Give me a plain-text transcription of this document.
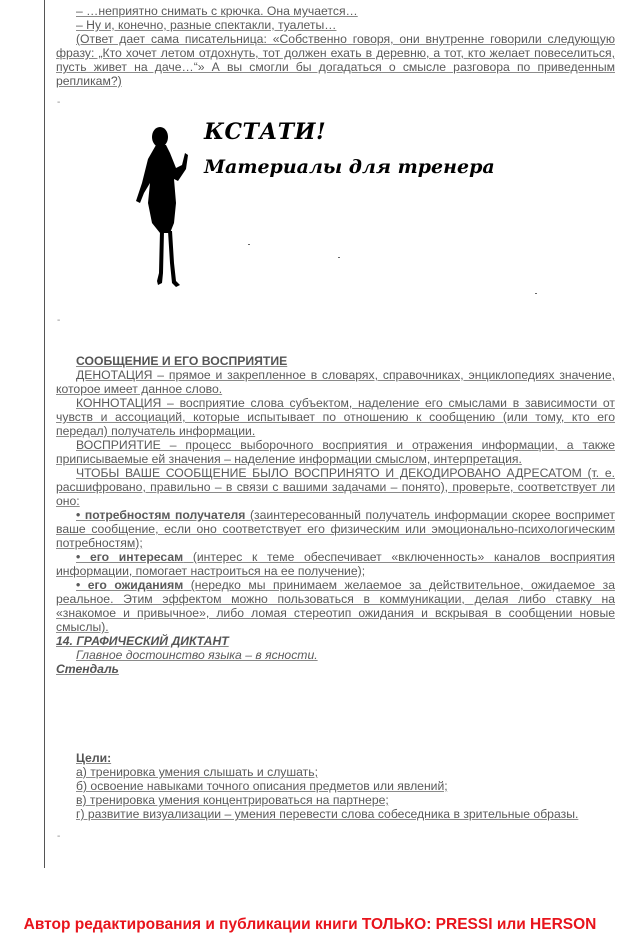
– …неприятно снимать с крючка. Она мучается…
– Ну и, конечно, разные спектакли, туалеты…
(Ответ дает сама писательница: «Собственно говоря, они внутренне говорили следующую фразу: „Кто хочет летом отдохнуть, тот должен ехать в деревню, а тот, кто желает повеселиться, пусть живет на даче…“» А вы смогли бы догадаться о смысле разговора по приведенным репликам?)
-
КСТАТИ!
Материалы для тренера
-
СООБЩЕНИЕ И ЕГО ВОСПРИЯТИЕ
ДЕНОТАЦИЯ – прямое и закрепленное в словарях, справочниках, энциклопедиях значение, которое имеет данное слово.
КОННОТАЦИЯ – восприятие слова субъектом, наделение его смыслами в зависимости от чувств и ассоциаций, которые испытывает по отношению к сообщению (или тому, кто его передал) получатель информации.
ВОСПРИЯТИЕ – процесс выборочного восприятия и отражения информации, а также приписываемые ей значения – наделение информации смыслом, интерпретация.
ЧТОБЫ ВАШЕ СООБЩЕНИЕ БЫЛО ВОСПРИНЯТО И ДЕКОДИРОВАНО АДРЕСАТОМ (т. е. расшифровано, правильно – в связи с вашими задачами – понято), проверьте, соответствует ли оно:
• потребностям получателя (заинтересованный получатель информации скорее воспримет ваше сообщение, если оно соответствует его физическим или эмоционально-психологическим потребностям);
• его интересам (интерес к теме обеспечивает «включенность» каналов восприятия информации, помогает настроиться на ее получение);
• его ожиданиям (нередко мы принимаем желаемое за действительное, ожидаемое за реальное. Этим эффектом можно пользоваться в коммуникации, делая либо ставку на «знакомое и привычное», либо ломая стереотип ожидания и вскрывая в сообщении новые смыслы).
14. ГРАФИЧЕСКИЙ ДИКТАНТ
Главное достоинство языка – в ясности.
Стендаль
Цели:
а) тренировка умения слышать и слушать;
б) освоение навыками точного описания предметов или явлений;
в) тренировка умения концентрироваться на партнере;
г) развитие визуализации – умения перевести слова собеседника в зрительные образы.
-
Автор редактирования и публикации книги ТОЛЬКО: PRESSI или HERSON
